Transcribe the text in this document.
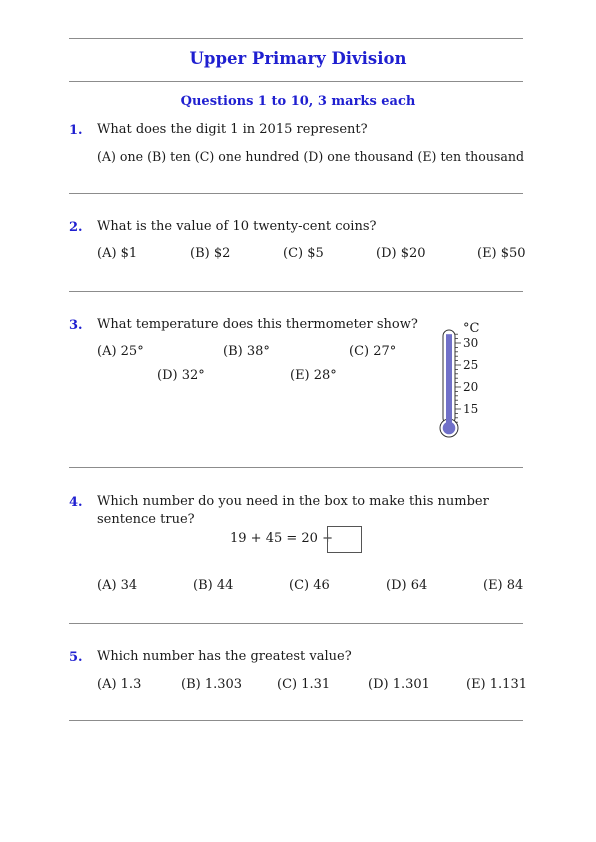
Upper Primary Division
Questions 1 to 10, 3 marks each
1. What does the digit 1 in 2015 represent?
(A) one (B) ten (C) one hundred (D) one thousand (E) ten thousand
2. What is the value of 10 twenty-cent coins?
(A) $1	(B) $2	(C) $5	(D) $20	(E) $50
3. What temperature does this thermometer show?
(A) 25°	(B) 38°	(C) 27°
(D) 32°	(E) 28°
°C
30
25
20
15
4. Which number do you need in the box to make this number sentence true?
19 + 45 = 20 +
(A) 34	(B) 44	(C) 46	(D) 64	(E) 84
5. Which number has the greatest value?
(A) 1.3	(B) 1.303	(C) 1.31	(D) 1.301	(E) 1.131
